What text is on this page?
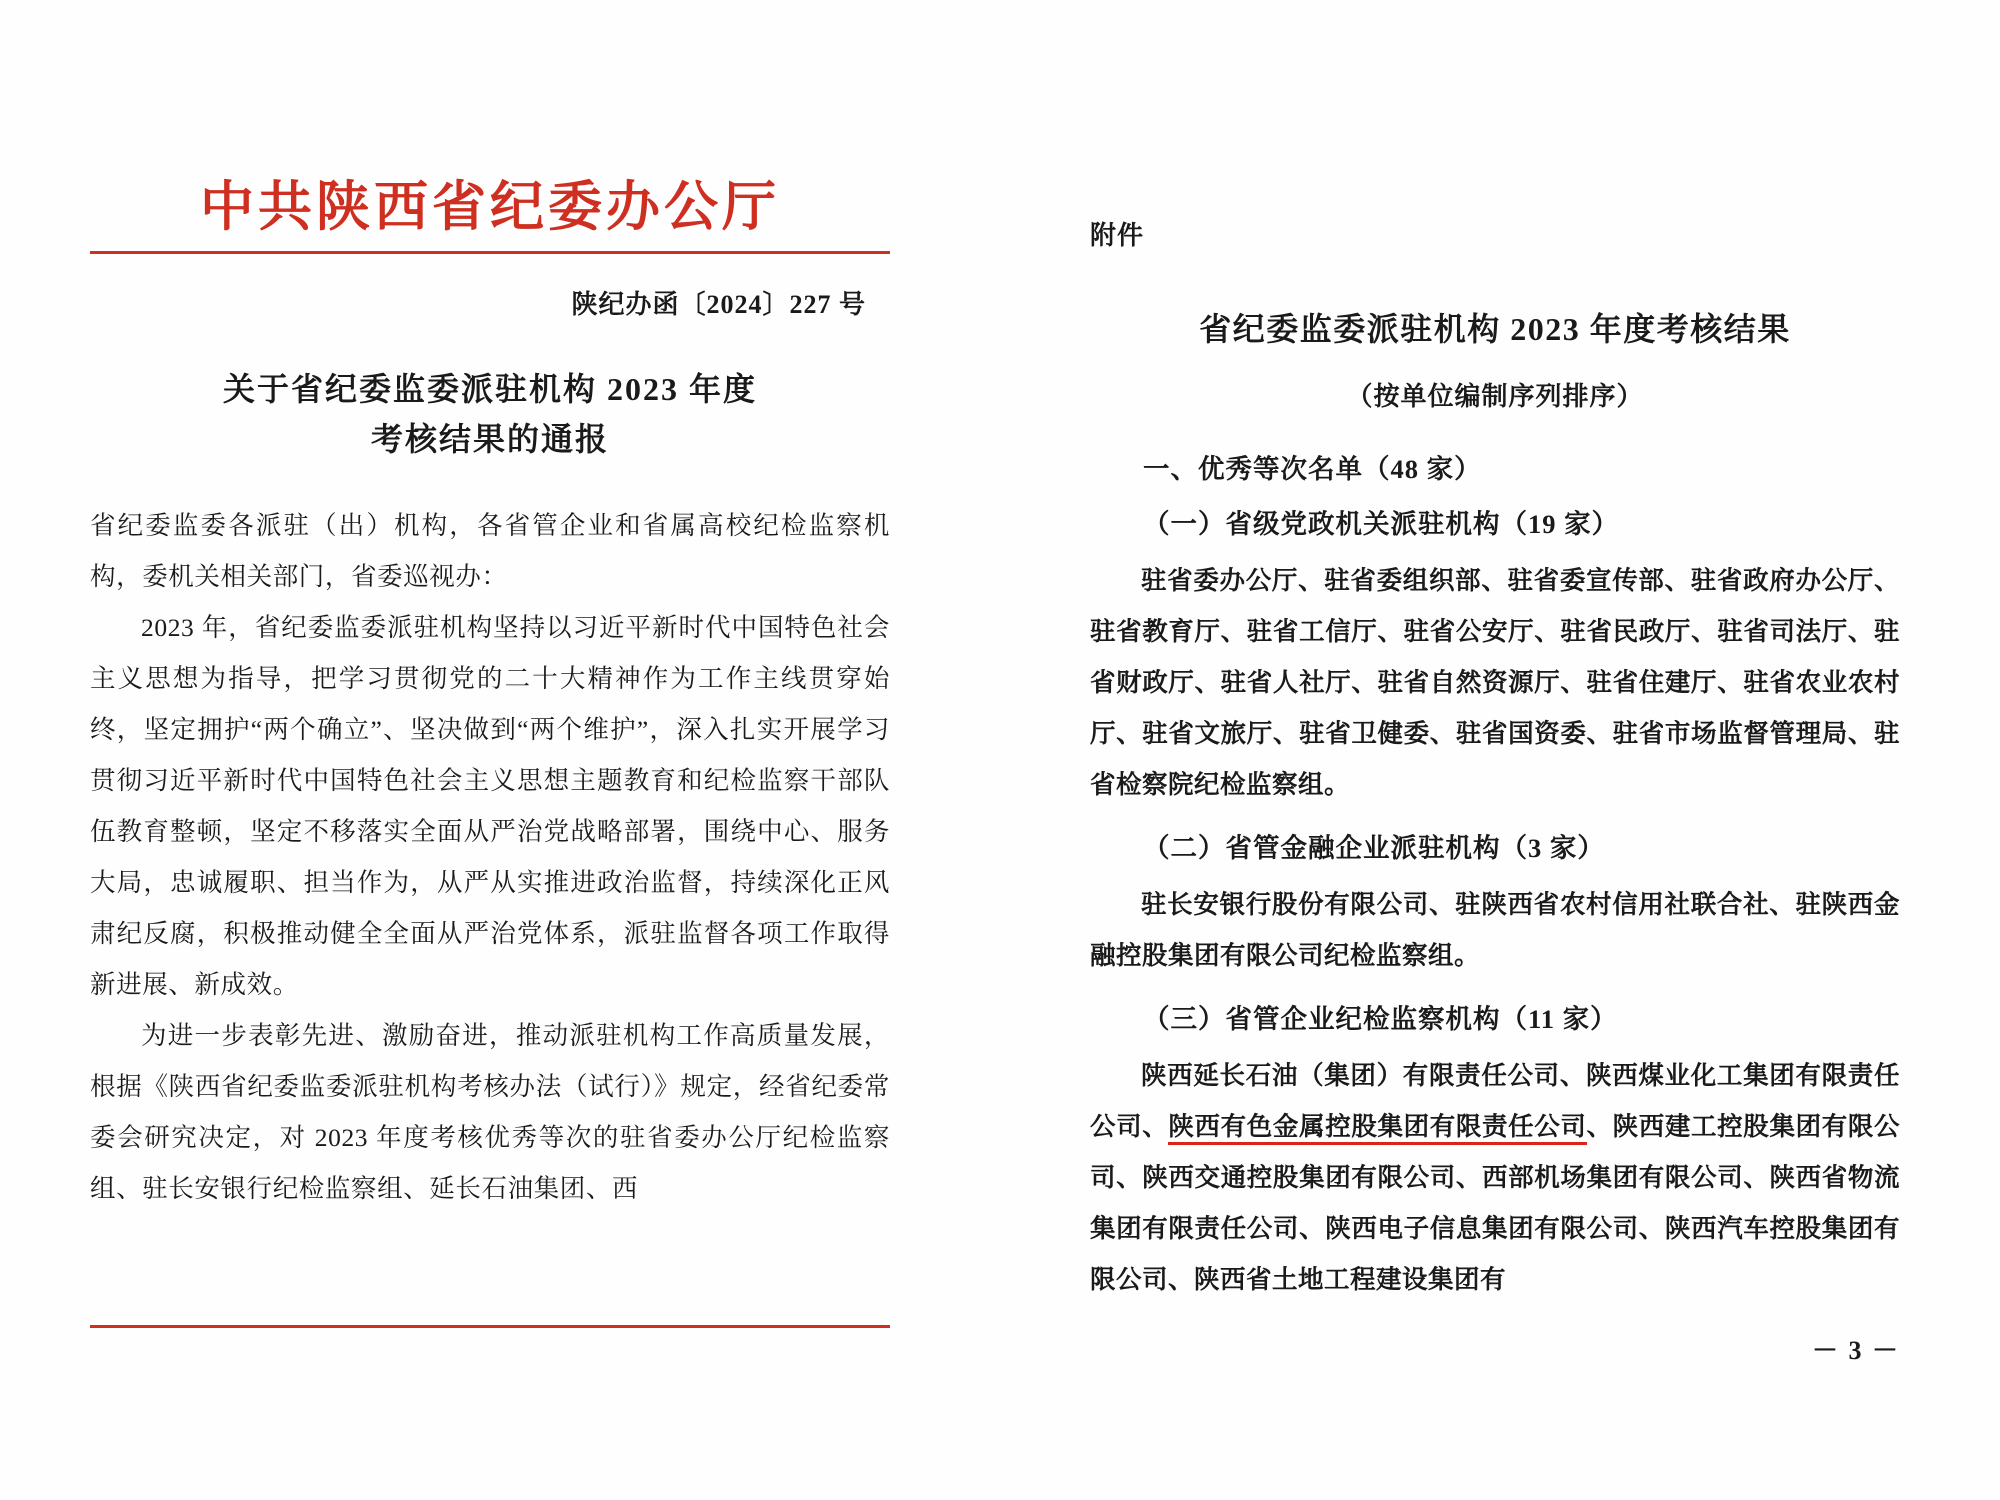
中共陕西省纪委办公厅
陕纪办函〔2024〕227 号
关于省纪委监委派驻机构 2023 年度
考核结果的通报

省纪委监委各派驻（出）机构，各省管企业和省属高校纪检监察机构，委机关相关部门，省委巡视办：

2023 年，省纪委监委派驻机构坚持以习近平新时代中国特色社会主义思想为指导，把学习贯彻党的二十大精神作为工作主线贯穿始终，坚定拥护“两个确立”、坚决做到“两个维护”，深入扎实开展学习贯彻习近平新时代中国特色社会主义思想主题教育和纪检监察干部队伍教育整顿，坚定不移落实全面从严治党战略部署，围绕中心、服务大局，忠诚履职、担当作为，从严从实推进政治监督，持续深化正风肃纪反腐，积极推动健全全面从严治党体系，派驻监督各项工作取得新进展、新成效。

为进一步表彰先进、激励奋进，推动派驻机构工作高质量发展，根据《陕西省纪委监委派驻机构考核办法（试行）》规定，经省纪委常委会研究决定，对 2023 年度考核优秀等次的驻省委办公厅纪检监察组、驻长安银行纪检监察组、延长石油集团、西

附件
省纪委监委派驻机构 2023 年度考核结果
（按单位编制序列排序）
一、优秀等次名单（48 家）
（一）省级党政机关派驻机构（19 家）
驻省委办公厅、驻省委组织部、驻省委宣传部、驻省政府办公厅、驻省教育厅、驻省工信厅、驻省公安厅、驻省民政厅、驻省司法厅、驻省财政厅、驻省人社厅、驻省自然资源厅、驻省住建厅、驻省农业农村厅、驻省文旅厅、驻省卫健委、驻省国资委、驻省市场监督管理局、驻省检察院纪检监察组。
（二）省管金融企业派驻机构（3 家）
驻长安银行股份有限公司、驻陕西省农村信用社联合社、驻陕西金融控股集团有限公司纪检监察组。
（三）省管企业纪检监察机构（11 家）
陕西延长石油（集团）有限责任公司、陕西煤业化工集团有限责任公司、陕西有色金属控股集团有限责任公司、陕西建工控股集团有限公司、陕西交通控股集团有限公司、西部机场集团有限公司、陕西省物流集团有限责任公司、陕西电子信息集团有限公司、陕西汽车控股集团有限公司、陕西省土地工程建设集团有
－ 3 －
